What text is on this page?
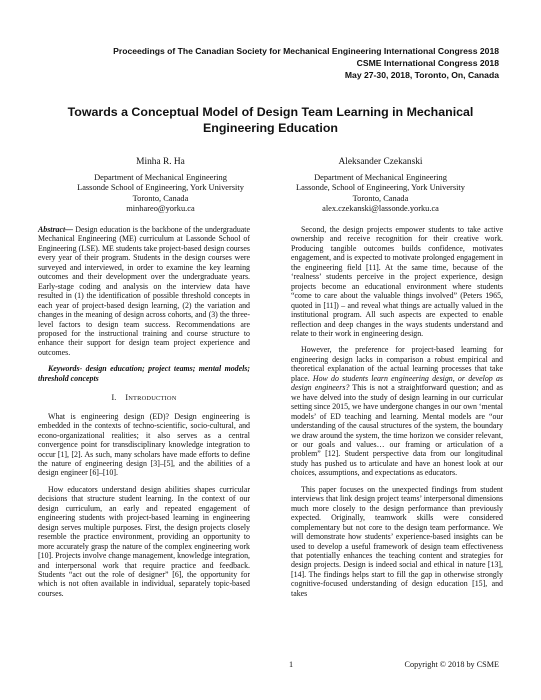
Proceedings of The Canadian Society for Mechanical Engineering International Congress 2018
CSME International Congress 2018
May 27-30, 2018, Toronto, On, Canada
Towards a Conceptual Model of Design Team Learning in Mechanical Engineering Education
Minha R. Ha
Department of Mechanical Engineering
Lassonde School of Engineering, York University
Toronto, Canada
minhareo@yorku.ca
Aleksander Czekanski
Department of Mechanical Engineering
Lassonde, School of Engineering, York University
Toronto, Canada
alex.czekanski@lassonde.yorku.ca

Abstract— Design education is the backbone of the undergraduate Mechanical Engineering (ME) curriculum at Lassonde School of Engineering (LSE). ME students take project-based design courses every year of their program. Students in the design courses were surveyed and interviewed, in order to examine the key learning outcomes and their development over the undergraduate years. Early-stage coding and analysis on the interview data have resulted in (1) the identification of possible threshold concepts in each year of project-based design learning, (2) the variation and changes in the meaning of design across cohorts, and (3) the three-level factors to design team success. Recommendations are proposed for the instructional training and course structure to enhance their support for design team project experience and outcomes.

Keywords- design education; project teams; mental models; threshold concepts

I. INTRODUCTION

What is engineering design (ED)? Design engineering is embedded in the contexts of techno-scientific, socio-cultural, and econo-organizational realities; it also serves as a central convergence point for transdisciplinary knowledge integration to occur [1], [2]. As such, many scholars have made efforts to define the nature of engineering design [3]–[5], and the abilities of a design engineer [6]–[10].

How educators understand design abilities shapes curricular decisions that structure student learning. In the context of our design curriculum, an early and repeated engagement of engineering students with project-based learning in engineering design serves multiple purposes. First, the design projects closely resemble the practice environment, providing an opportunity to more accurately grasp the nature of the complex engineering work [10]. Projects involve change management, knowledge integration, and interpersonal work that require practice and feedback. Students “act out the role of designer” [6], the opportunity for which is not often available in individual, separately topic-based courses.

Second, the design projects empower students to take active ownership and receive recognition for their creative work. Producing tangible outcomes builds confidence, motivates engagement, and is expected to motivate prolonged engagement in the engineering field [11]. At the same time, because of the ‘realness’ students perceive in the project experience, design projects become an educational environment where students “come to care about the valuable things involved” (Peters 1965, quoted in [11]) – and reveal what things are actually valued in the institutional program. All such aspects are expected to enable reflection and deep changes in the ways students understand and relate to their work in engineering design.

However, the preference for project-based learning for engineering design lacks in comparison a robust empirical and theoretical explanation of the actual learning processes that take place. How do students learn engineering design, or develop as design engineers? This is not a straightforward question; and as we have delved into the study of design learning in our curricular setting since 2015, we have undergone changes in our own ‘mental models’ of ED teaching and learning. Mental models are “our understanding of the causal structures of the system, the boundary we draw around the system, the time horizon we consider relevant, or our goals and values… our framing or articulation of a problem” [12]. Student perspective data from our longitudinal study has pushed us to articulate and have an honest look at our choices, assumptions, and expectations as educators.

This paper focuses on the unexpected findings from student interviews that link design project teams’ interpersonal dimensions much more closely to the design performance than previously expected. Originally, teamwork skills were considered complementary but not core to the design team performance. We will demonstrate how students’ experience-based insights can be used to develop a useful framework of design team effectiveness that potentially enhances the teaching content and strategies for design projects. Design is indeed social and ethical in nature [13], [14]. The findings helps start to fill the gap in otherwise strongly cognitive-focused understanding of design education [15], and takes

1	Copyright © 2018 by CSME
